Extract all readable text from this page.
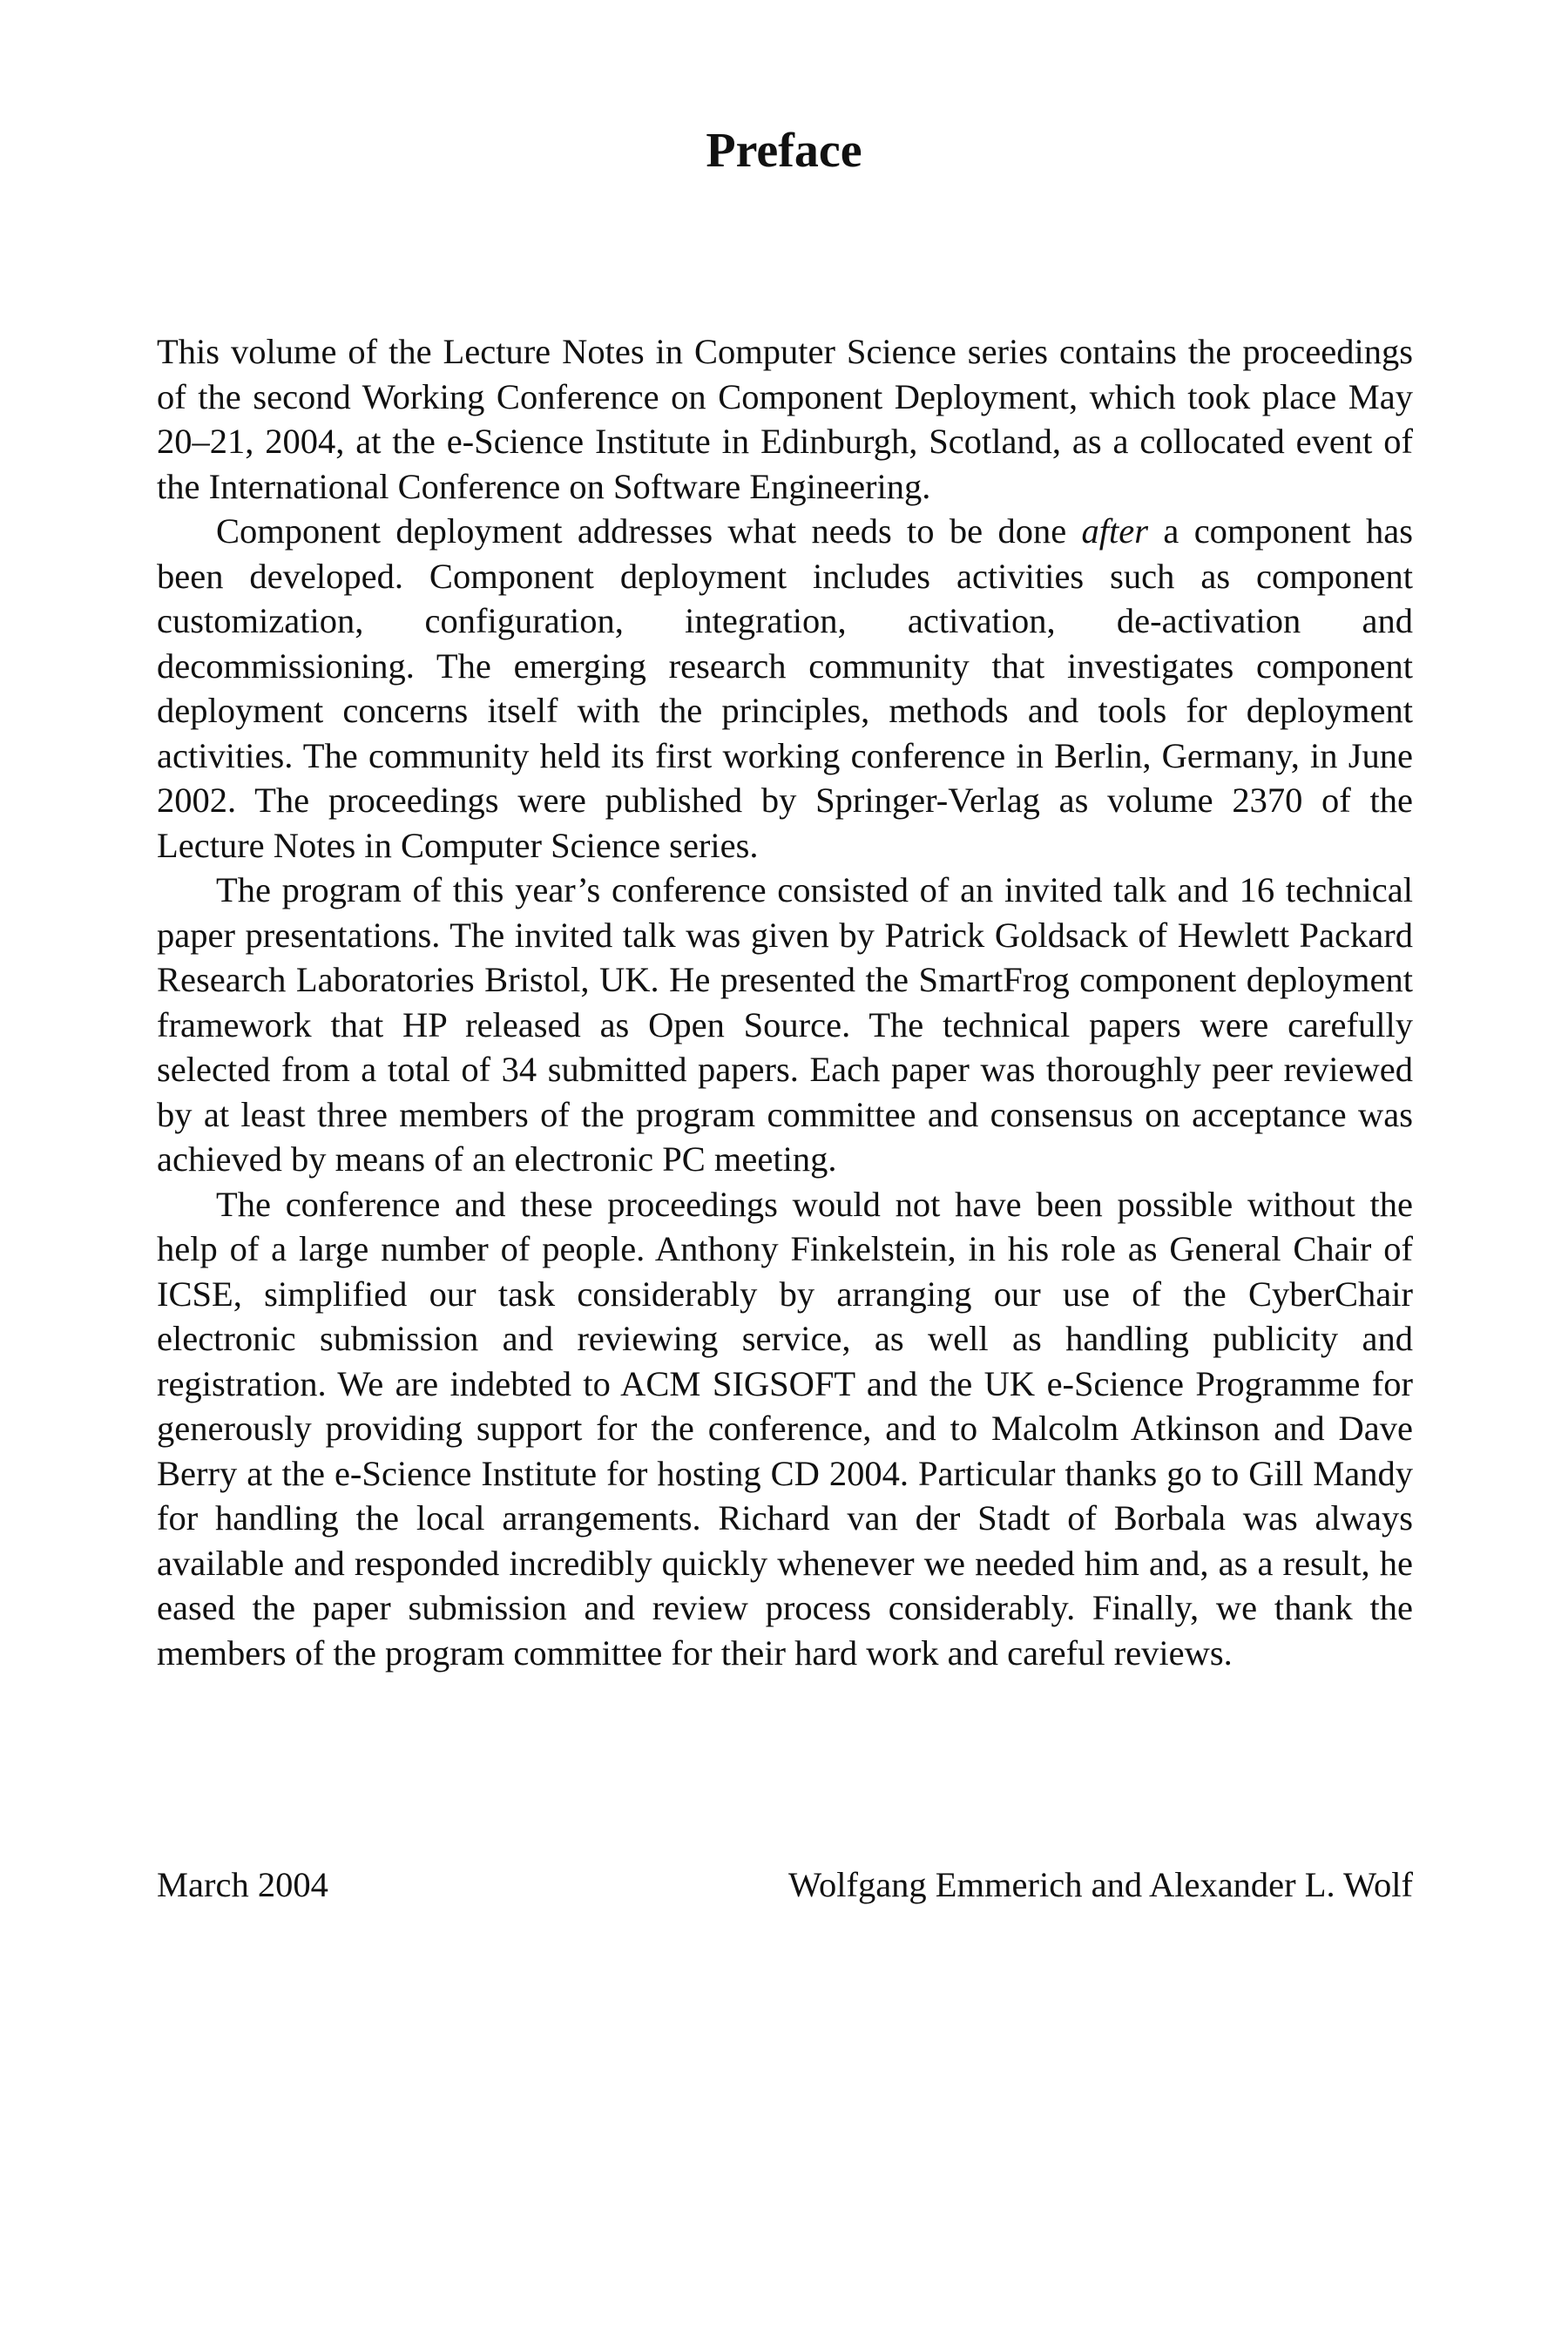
Preface

This volume of the Lecture Notes in Computer Science series contains the proceedings of the second Working Conference on Component Deployment, which took place May 20–21, 2004, at the e-Science Institute in Edinburgh, Scotland, as a collocated event of the International Conference on Software Engineering.

Component deployment addresses what needs to be done after a component has been developed. Component deployment includes activities such as component customization, configuration, integration, activation, de-activation and decommissioning. The emerging research community that investigates component deployment concerns itself with the principles, methods and tools for deployment activities. The community held its first working conference in Berlin, Germany, in June 2002. The proceedings were published by Springer-Verlag as volume 2370 of the Lecture Notes in Computer Science series.

The program of this year’s conference consisted of an invited talk and 16 technical paper presentations. The invited talk was given by Patrick Goldsack of Hewlett Packard Research Laboratories Bristol, UK. He presented the SmartFrog component deployment framework that HP released as Open Source. The technical papers were carefully selected from a total of 34 submitted papers. Each paper was thoroughly peer reviewed by at least three members of the program committee and consensus on acceptance was achieved by means of an electronic PC meeting.

The conference and these proceedings would not have been possible without the help of a large number of people. Anthony Finkelstein, in his role as General Chair of ICSE, simplified our task considerably by arranging our use of the CyberChair electronic submission and reviewing service, as well as handling publicity and registration. We are indebted to ACM SIGSOFT and the UK e-Science Programme for generously providing support for the conference, and to Malcolm Atkinson and Dave Berry at the e-Science Institute for hosting CD 2004. Particular thanks go to Gill Mandy for handling the local arrangements. Richard van der Stadt of Borbala was always available and responded incredibly quickly whenever we needed him and, as a result, he eased the paper submission and review process considerably. Finally, we thank the members of the program committee for their hard work and careful reviews.

March 2004	Wolfgang Emmerich and Alexander L. Wolf
